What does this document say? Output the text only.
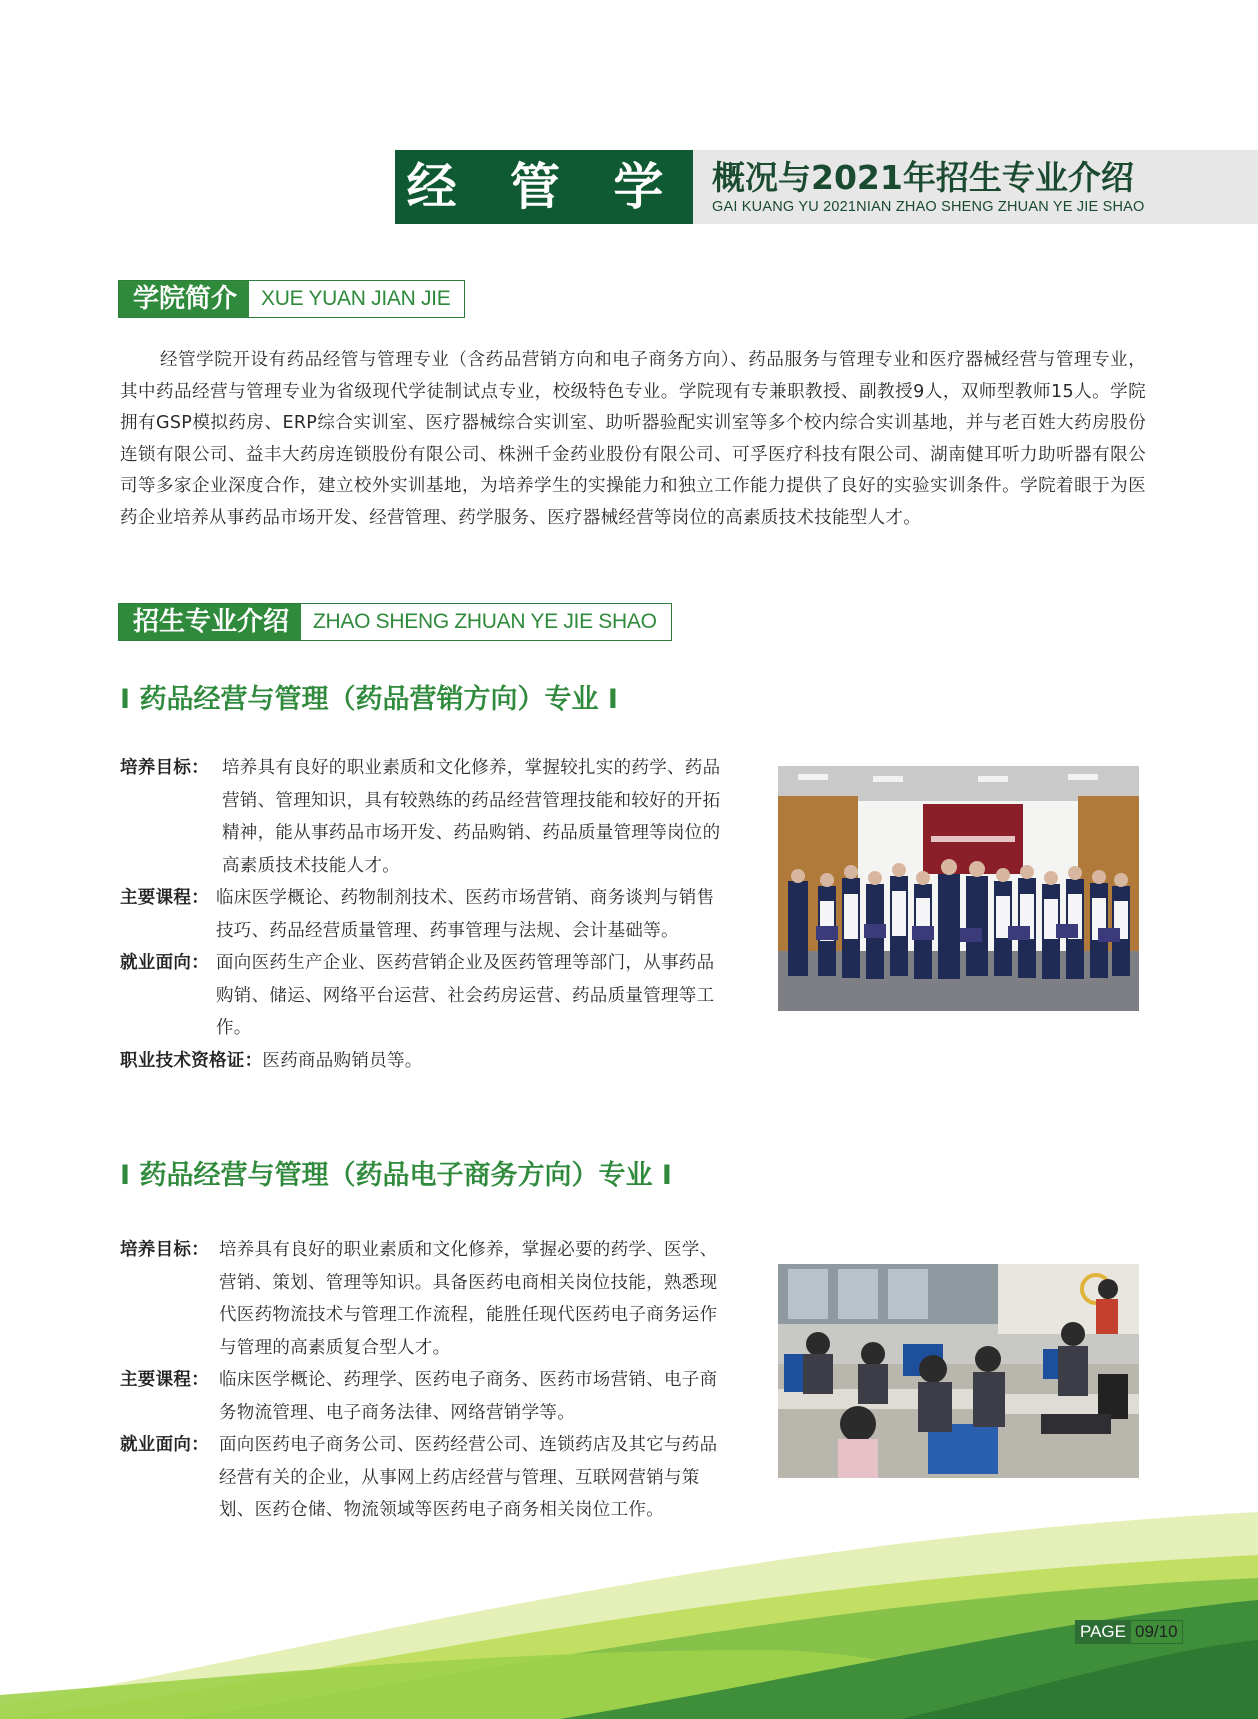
经 管 学 院
概况与2021年招生专业介绍
GAI KUANG YU 2021NIAN ZHAO SHENG ZHUAN YE JIE SHAO
学院简介	XUE YUAN JIAN JIE
经管学院开设有药品经管与管理专业（含药品营销方向和电子商务方向）、药品服务与管理专业和医疗器械经营与管理专业，其中药品经营与管理专业为省级现代学徒制试点专业，校级特色专业。学院现有专兼职教授、副教授9人，双师型教师15人。学院拥有GSP模拟药房、ERP综合实训室、医疗器械综合实训室、助听器验配实训室等多个校内综合实训基地，并与老百姓大药房股份连锁有限公司、益丰大药房连锁股份有限公司、株洲千金药业股份有限公司、可孚医疗科技有限公司、湖南健耳听力助听器有限公司等多家企业深度合作，建立校外实训基地，为培养学生的实操能力和独立工作能力提供了良好的实验实训条件。学院着眼于为医药企业培养从事药品市场开发、经营管理、药学服务、医疗器械经营等岗位的高素质技术技能型人才。
招生专业介绍	ZHAO SHENG ZHUAN YE JIE SHAO
I 药品经营与管理（药品营销方向）专业 I
培养目标： 培养具有良好的职业素质和文化修养，掌握较扎实的药学、药品营销、管理知识，具有较熟练的药品经营管理技能和较好的开拓精神，能从事药品市场开发、药品购销、药品质量管理等岗位的高素质技术技能人才。
主要课程： 临床医学概论、药物制剂技术、医药市场营销、商务谈判与销售技巧、药品经营质量管理、药事管理与法规、会计基础等。
就业面向： 面向医药生产企业、医药营销企业及医药管理等部门，从事药品购销、储运、网络平台运营、社会药房运营、药品质量管理等工作。
职业技术资格证： 医药商品购销员等。
I 药品经营与管理（药品电子商务方向）专业 I
培养目标： 培养具有良好的职业素质和文化修养，掌握必要的药学、医学、营销、策划、管理等知识。具备医药电商相关岗位技能，熟悉现代医药物流技术与管理工作流程，能胜任现代医药电子商务运作与管理的高素质复合型人才。
主要课程： 临床医学概论、药理学、医药电子商务、医药市场营销、电子商务物流管理、电子商务法律、网络营销学等。
就业面向： 面向医药电子商务公司、医药经营公司、连锁药店及其它与药品经营有关的企业，从事网上药店经营与管理、互联网营销与策划、医药仓储、物流领域等医药电子商务相关岗位工作。
PAGE 09/10
